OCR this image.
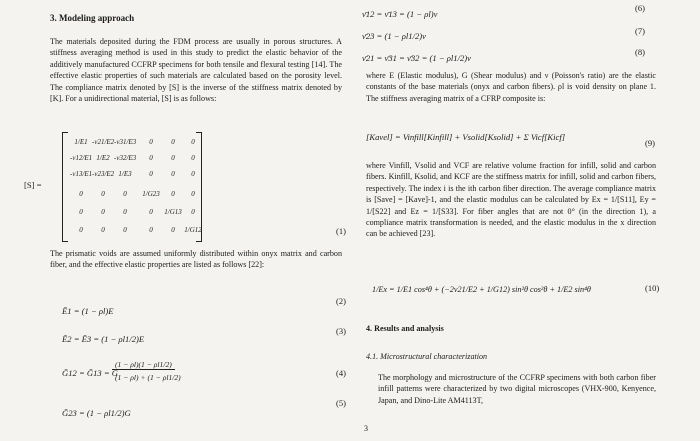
3. Modeling approach
The materials deposited during the FDM process are usually in porous structures. A stiffness averaging method is used in this study to predict the elastic behavior of the additively manufactured CCFRP specimens for both tensile and flexural testing [14]. The effective elastic properties of such materials are calculated based on the porosity level. The compliance matrix denoted by [S] is the inverse of the stiffness matrix denoted by [K]. For a unidirectional material, [S] is as follows:
[S] =
1/E1 -ν21/E2 -ν31/E3	0	0	0
-ν12/E1 1/E2 -ν32/E3	0	0	0
-ν13/E1 -ν23/E2 1/E3	0	0	0
0	0	0	1/G23	0	0
0	0	0	0	1/G13	0
0	0	0	0	0	1/G12	(1)
The prismatic voids are assumed uniformly distributed within onyx matrix and carbon fiber, and the effective elastic properties are listed as follows [22]:
Ē1 = (1 − ρl)E
(2)
Ē2 = Ē3 = (1 − ρl1/2)E
(3)
Ḡ12 = Ḡ13 = G
(1 − ρl)(1 − ρl1/2)
(1 − ρl) + (1 − ρl1/2)	(4)
Ḡ23 = (1 − ρl1/2)G
(5)
ν̄12 = ν̄13 = (1 − ρl)ν
(6)
ν̄23 = (1 − ρl1/2)ν	(7)
ν̄21 = ν̄31 = ν̄32 = (1 − ρl1/2)ν
(8)
where E (Elastic modulus), G (Shear modulus) and ν (Poisson's ratio) are the elastic constants of the base materials (onyx and carbon fibers). ρl is void density on plane 1. The stiffness averaging matrix of a CFRP composite is:
[Kavel] = Vinfill[Kinfill] + Vsolid[Ksolid] + Σ Vicf[Kicf]
(9)
where Vinfill, Vsolid and VCF are relative volume fraction for infill, solid and carbon fibers. Kinfill, Ksolid, and KCF are the stiffness matrix for infill, solid and carbon fibers, respectively. The index i is the ith carbon fiber direction. The average compliance matrix is [Save] = [Kave]-1, and the elastic modulus can be calculated by Ex = 1/[S11], Ey = 1/[S22] and Ez = 1/[S33]. For fiber angles that are not 0° (in the direction 1), a compliance matrix transformation is needed, and the elastic modulus in the x direction can be achieved [23].
1/Ex = 1/E1 cos⁴θ + (−2ν21/E2 + 1/G12) sin²θ cos²θ + 1/E2 sin⁴θ	(10)
4. Results and analysis
4.1. Microstructural characterization
The morphology and microstructure of the CCFRP specimens with both carbon fiber infill patterns were characterized by two digital microscopes (VHX-900, Kenyence, Japan, and Dino-Lite AM4113T,
3
